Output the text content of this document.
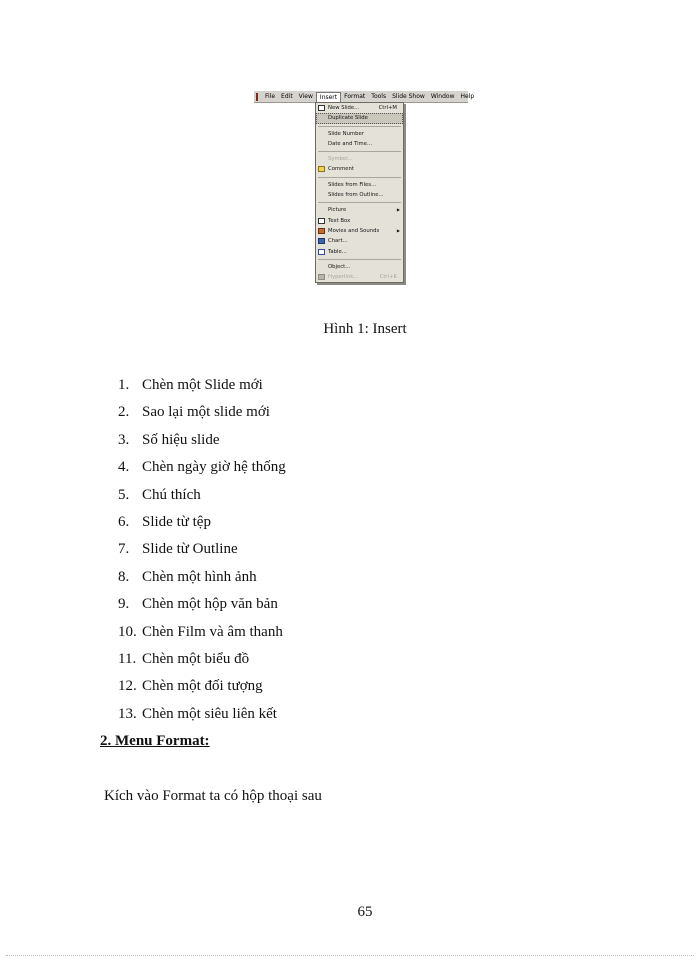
File	Edit	View	Insert	Format	Tools	Slide Show	Window	Help
New Slide...	Ctrl+M
Duplicate Slide
Slide Number
Date and Time...
Symbol...
Comment
Slides from Files...
Slides from Outline...
Picture	▶
Text Box
Movies and Sounds	▶
Chart...
Table...
Object...
Hyperlink...	Ctrl+K
Hình 1: Insert
1. Chèn một Slide mới
2. Sao lại một slide mới
3. Số hiệu slide
4. Chèn ngày giờ hệ thống
5. Chú thích
6. Slide từ tệp
7. Slide từ Outline
8. Chèn một hình ảnh
9. Chèn một hộp văn bản
10. Chèn Film và âm thanh
11. Chèn một biểu đồ
12. Chèn một đối tượng
13. Chèn một siêu liên kết
2. Menu Format:

Kích vào Format ta có hộp thoại sau

65
